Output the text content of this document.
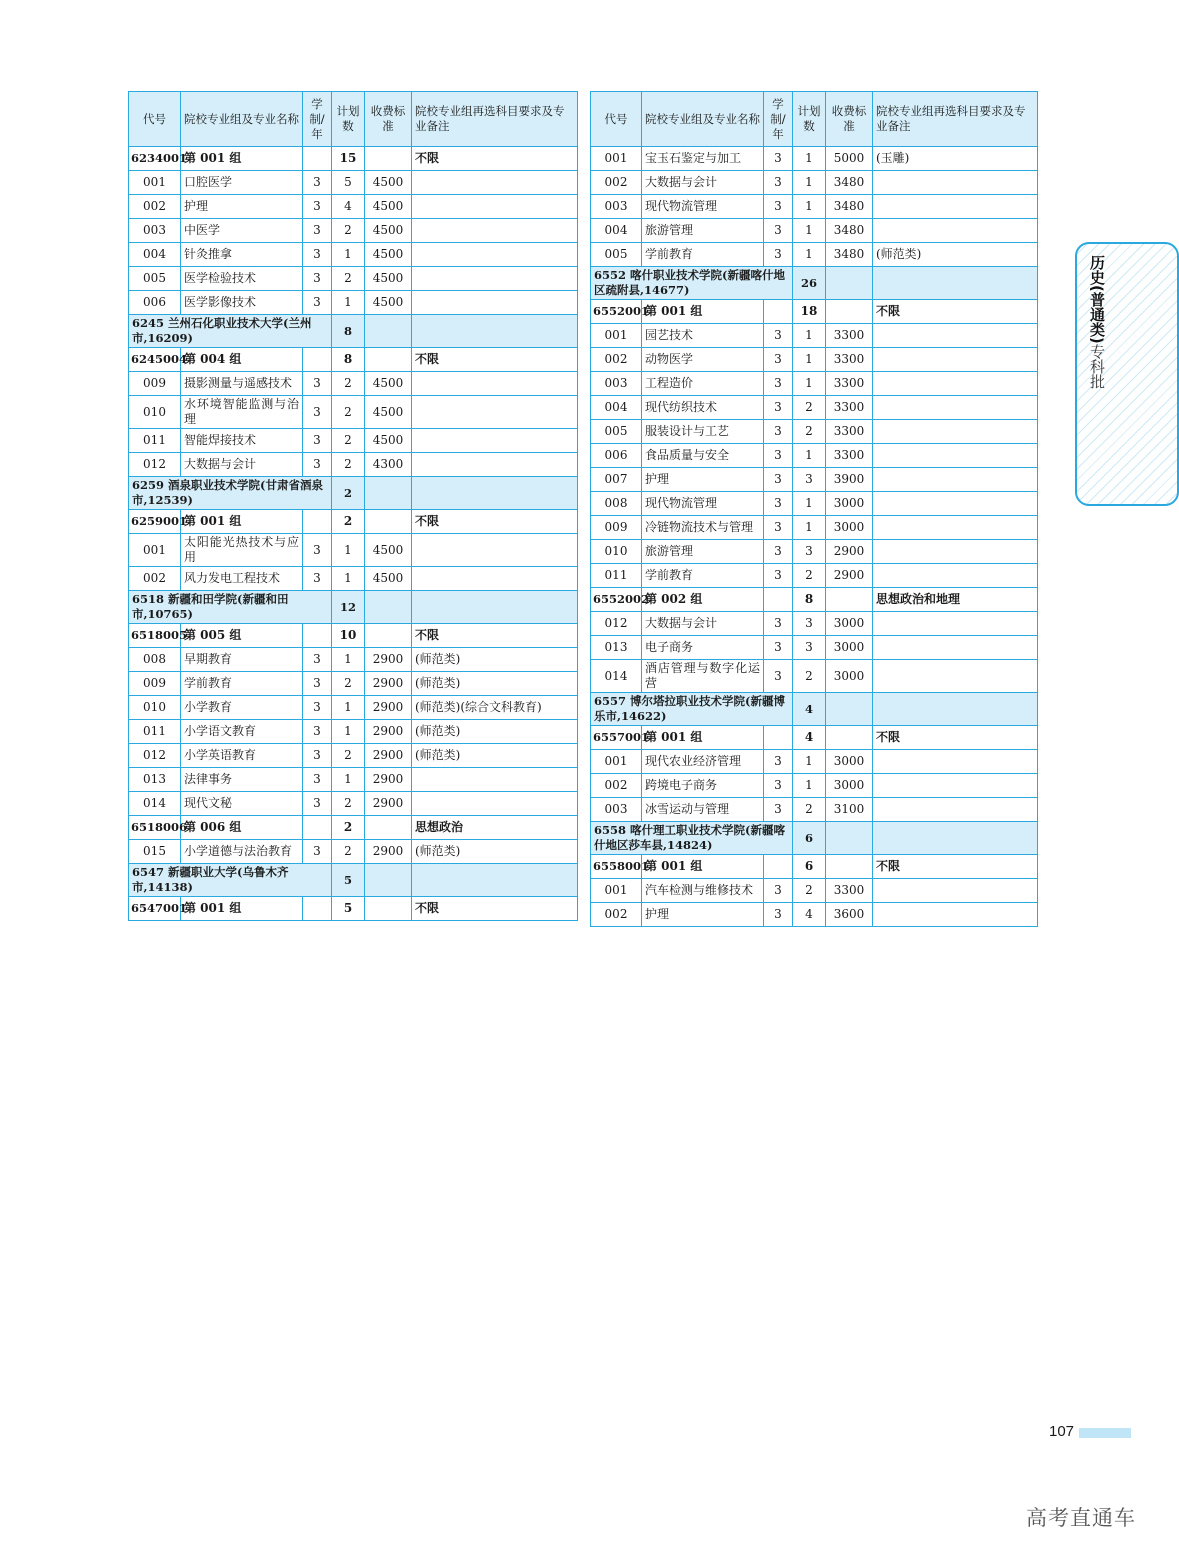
代号	院校专业组及专业名称	学制/年	计划数	收费标准	院校专业组再选科目要求及专业备注
6234001	第 001 组		15		不限
001	口腔医学	3	5	4500	
002	护理	3	4	4500	
003	中医学	3	2	4500	
004	针灸推拿	3	1	4500	
005	医学检验技术	3	2	4500	
006	医学影像技术	3	1	4500	
6245 兰州石化职业技术大学(兰州市,16209)			8		
6245004	第 004 组		8		不限
009	摄影测量与遥感技术	3	2	4500	
010	水环境智能监测与治理	3	2	4500	
011	智能焊接技术	3	2	4500	
012	大数据与会计	3	2	4300	
6259 酒泉职业技术学院(甘肃省酒泉市,12539)			2		
6259001	第 001 组		2		不限
001	太阳能光热技术与应用	3	1	4500	
002	风力发电工程技术	3	1	4500	
6518 新疆和田学院(新疆和田市,10765)			12		
6518005	第 005 组		10		不限
008	早期教育	3	1	2900	(师范类)
009	学前教育	3	2	2900	(师范类)
010	小学教育	3	1	2900	(师范类)(综合文科教育)
011	小学语文教育	3	1	2900	(师范类)
012	小学英语教育	3	2	2900	(师范类)
013	法律事务	3	1	2900	
014	现代文秘	3	2	2900	
6518006	第 006 组		2		思想政治
015	小学道德与法治教育	3	2	2900	(师范类)
6547 新疆职业大学(乌鲁木齐市,14138)			5		
6547001	第 001 组		5		不限
代号	院校专业组及专业名称	学制/年	计划数	收费标准	院校专业组再选科目要求及专业备注
001	宝玉石鉴定与加工	3	1	5000	(玉雕)
002	大数据与会计	3	1	3480	
003	现代物流管理	3	1	3480	
004	旅游管理	3	1	3480	
005	学前教育	3	1	3480	(师范类)
6552 喀什职业技术学院(新疆喀什地区疏附县,14677)			26		
6552001	第 001 组		18		不限
001	园艺技术	3	1	3300	
002	动物医学	3	1	3300	
003	工程造价	3	1	3300	
004	现代纺织技术	3	2	3300	
005	服装设计与工艺	3	2	3300	
006	食品质量与安全	3	1	3300	
007	护理	3	3	3900	
008	现代物流管理	3	1	3000	
009	冷链物流技术与管理	3	1	3000	
010	旅游管理	3	3	2900	
011	学前教育	3	2	2900	
6552002	第 002 组		8		思想政治和地理
012	大数据与会计	3	3	3000	
013	电子商务	3	3	3000	
014	酒店管理与数字化运营	3	2	3000	
6557 博尔塔拉职业技术学院(新疆博乐市,14622)			4		
6557001	第 001 组		4		不限
001	现代农业经济管理	3	1	3000	
002	跨境电子商务	3	1	3000	
003	冰雪运动与管理	3	2	3100	
6558 喀什理工职业技术学院(新疆喀什地区莎车县,14824)			6		
6558001	第 001 组		6		不限
001	汽车检测与维修技术	3	2	3300	
002	护理	3	4	3600	
历史(普通类)专科批
107
高考直通车
